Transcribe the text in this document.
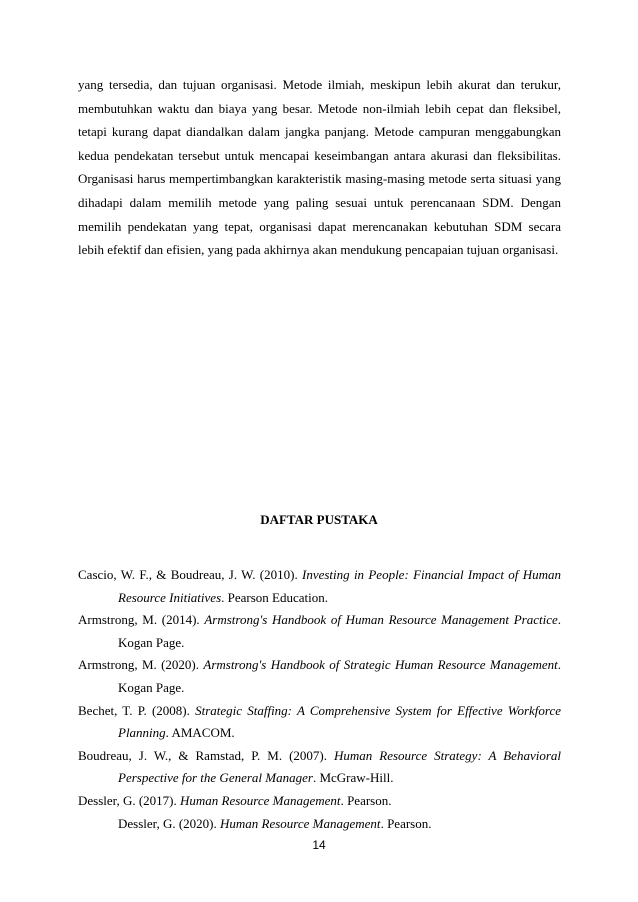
yang tersedia, dan tujuan organisasi. Metode ilmiah, meskipun lebih akurat dan terukur, membutuhkan waktu dan biaya yang besar. Metode non-ilmiah lebih cepat dan fleksibel, tetapi kurang dapat diandalkan dalam jangka panjang. Metode campuran menggabungkan kedua pendekatan tersebut untuk mencapai keseimbangan antara akurasi dan fleksibilitas. Organisasi harus mempertimbangkan karakteristik masing-masing metode serta situasi yang dihadapi dalam memilih metode yang paling sesuai untuk perencanaan SDM. Dengan memilih pendekatan yang tepat, organisasi dapat merencanakan kebutuhan SDM secara lebih efektif dan efisien, yang pada akhirnya akan mendukung pencapaian tujuan organisasi.

DAFTAR PUSTAKA

Cascio, W. F., & Boudreau, J. W. (2010). Investing in People: Financial Impact of Human Resource Initiatives. Pearson Education.

Armstrong, M. (2014). Armstrong's Handbook of Human Resource Management Practice. Kogan Page.

Armstrong, M. (2020). Armstrong's Handbook of Strategic Human Resource Management. Kogan Page.

Bechet, T. P. (2008). Strategic Staffing: A Comprehensive System for Effective Workforce Planning. AMACOM.

Boudreau, J. W., & Ramstad, P. M. (2007). Human Resource Strategy: A Behavioral Perspective for the General Manager. McGraw-Hill.

Dessler, G. (2017). Human Resource Management. Pearson.

Dessler, G. (2020). Human Resource Management. Pearson.

14
